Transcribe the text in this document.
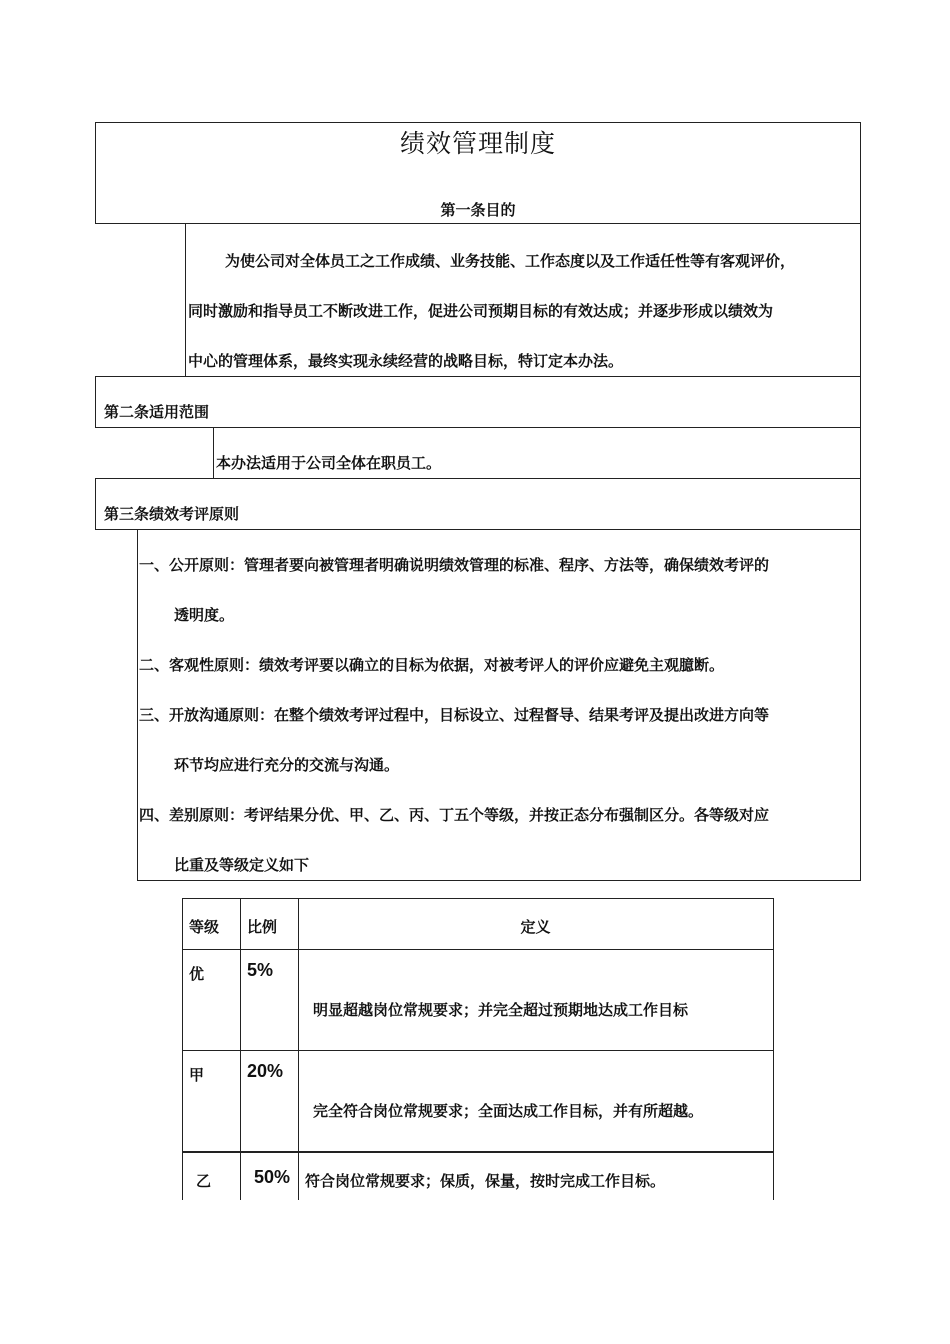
绩效管理制度
第一条目的
为使公司对全体员工之工作成绩、业务技能、工作态度以及工作适任性等有客观评价，
同时激励和指导员工不断改进工作，促进公司预期目标的有效达成；并逐步形成以绩效为
中心的管理体系，最终实现永续经营的战略目标，特订定本办法。
第二条适用范围
本办法适用于公司全体在职员工。
第三条绩效考评原则
一、公开原则：管理者要向被管理者明确说明绩效管理的标准、程序、方法等，确保绩效考评的
透明度。
二、客观性原则：绩效考评要以确立的目标为依据，对被考评人的评价应避免主观臆断。
三、开放沟通原则：在整个绩效考评过程中，目标设立、过程督导、结果考评及提出改进方向等
环节均应进行充分的交流与沟通。
四、差别原则：考评结果分优、甲、乙、丙、丁五个等级，并按正态分布强制区分。各等级对应
比重及等级定义如下
等级 比例	定义
优 5%
明显超越岗位常规要求；并完全超过预期地达成工作目标
甲 20%
完全符合岗位常规要求；全面达成工作目标，并有所超越。
乙 50% 符合岗位常规要求；保质，保量，按时完成工作目标。
